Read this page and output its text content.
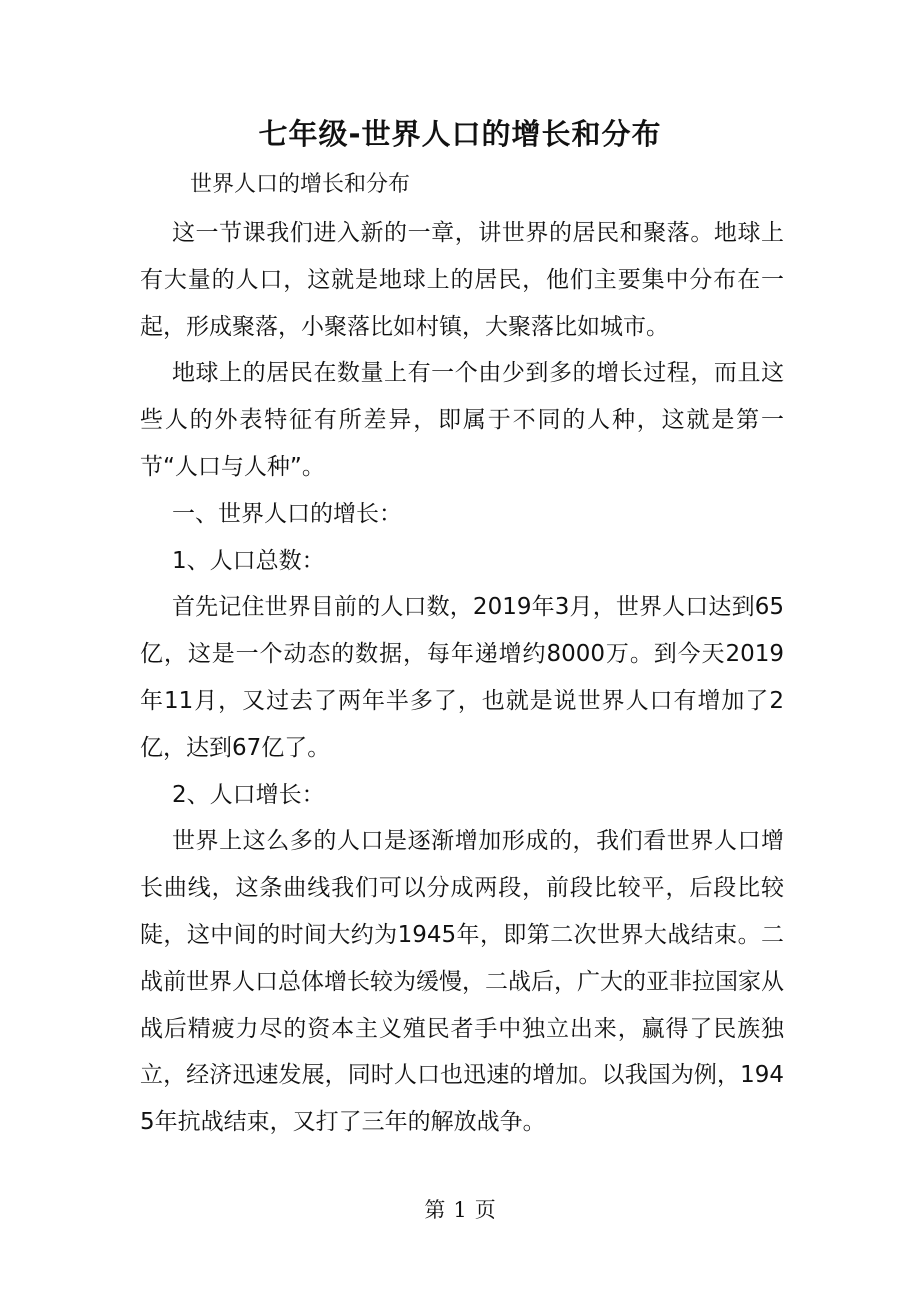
七年级-世界人口的增长和分布
世界人口的增长和分布

这一节课我们进入新的一章，讲世界的居民和聚落。地球上有大量的人口，这就是地球上的居民，他们主要集中分布在一起，形成聚落，小聚落比如村镇，大聚落比如城市。

地球上的居民在数量上有一个由少到多的增长过程，而且这些人的外表特征有所差异，即属于不同的人种，这就是第一节“人口与人种”。

一、世界人口的增长：

1、人口总数：

首先记住世界目前的人口数，2019年3月，世界人口达到65亿，这是一个动态的数据，每年递增约8000万。到今天2019年11月，又过去了两年半多了，也就是说世界人口有增加了2亿，达到67亿了。

2、人口增长：

世界上这么多的人口是逐渐增加形成的，我们看世界人口增长曲线，这条曲线我们可以分成两段，前段比较平，后段比较陡，这中间的时间大约为1945年，即第二次世界大战结束。二战前世界人口总体增长较为缓慢，二战后，广大的亚非拉国家从战后精疲力尽的资本主义殖民者手中独立出来，赢得了民族独立，经济迅速发展，同时人口也迅速的增加。以我国为例，1945年抗战结束，又打了三年的解放战争。

第 1 页
